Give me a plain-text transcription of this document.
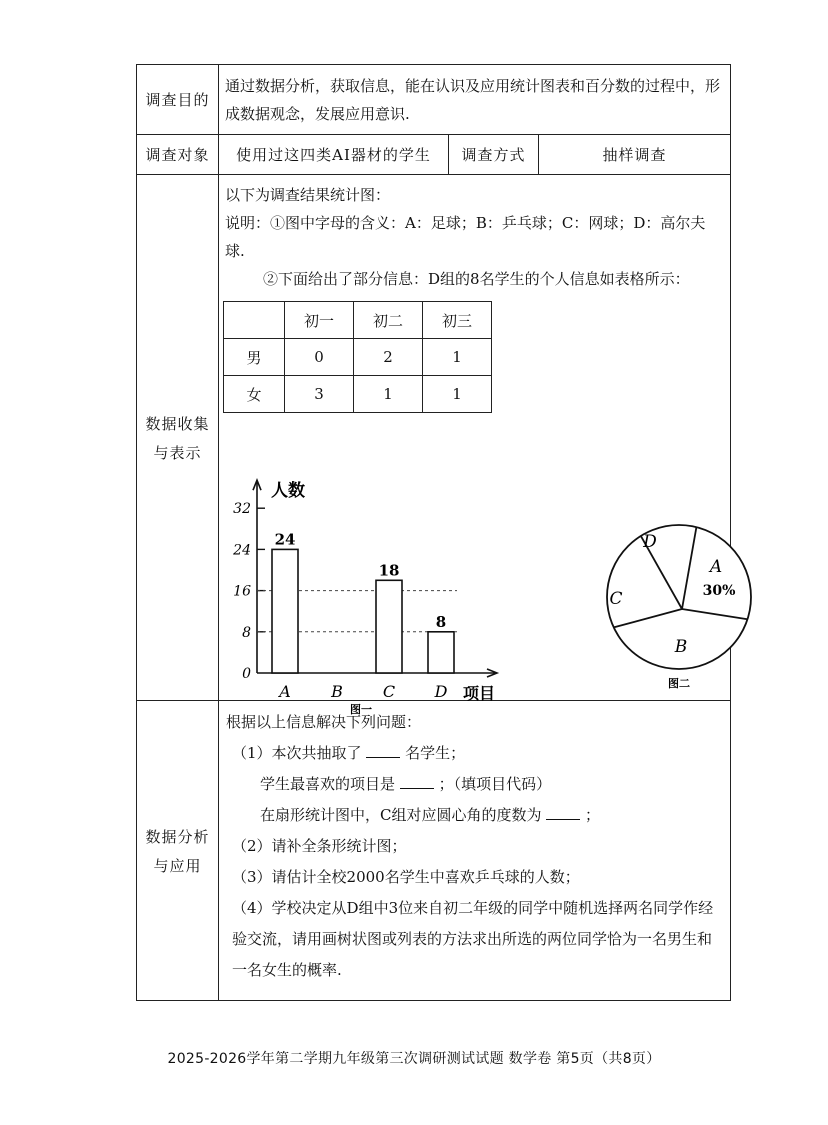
调查目的	通过数据分析，获取信息，能在认识及应用统计图表和百分数的过程中，形成数据观念，发展应用意识.
调查对象	使用过这四类AI器材的学生	调查方式	抽样调查

数据收集
与表示

以下为调查结果统计图：
说明：①图中字母的含义：A：足球；B：乒乓球；C：网球；D：高尔夫球.
②下面给出了部分信息：D组的8名学生的个人信息如表格所示：
	初一	初二	初三
男	0	2	1
女	3	1	1
0
8
16
24
32
人数
项目
24
A	B
18
C
8
D
图一
A
B
C
D
30%
图二

数据分析
与应用

根据以上信息解决下列问题：
（1）本次共抽取了	名学生；
学生最喜欢的项目是	；（填项目代码）
在扇形统计图中，C组对应圆心角的度数为	；
（2）请补全条形统计图；
（3）请估计全校2000名学生中喜欢乒乓球的人数；
（4）学校决定从D组中3位来自初二年级的同学中随机选择两名同学作经验交流，请用画树状图或列表的方法求出所选的两位同学恰为一名男生和一名女生的概率.
2025-2026学年第二学期九年级第三次调研测试试题 数学卷 第5页（共8页）
